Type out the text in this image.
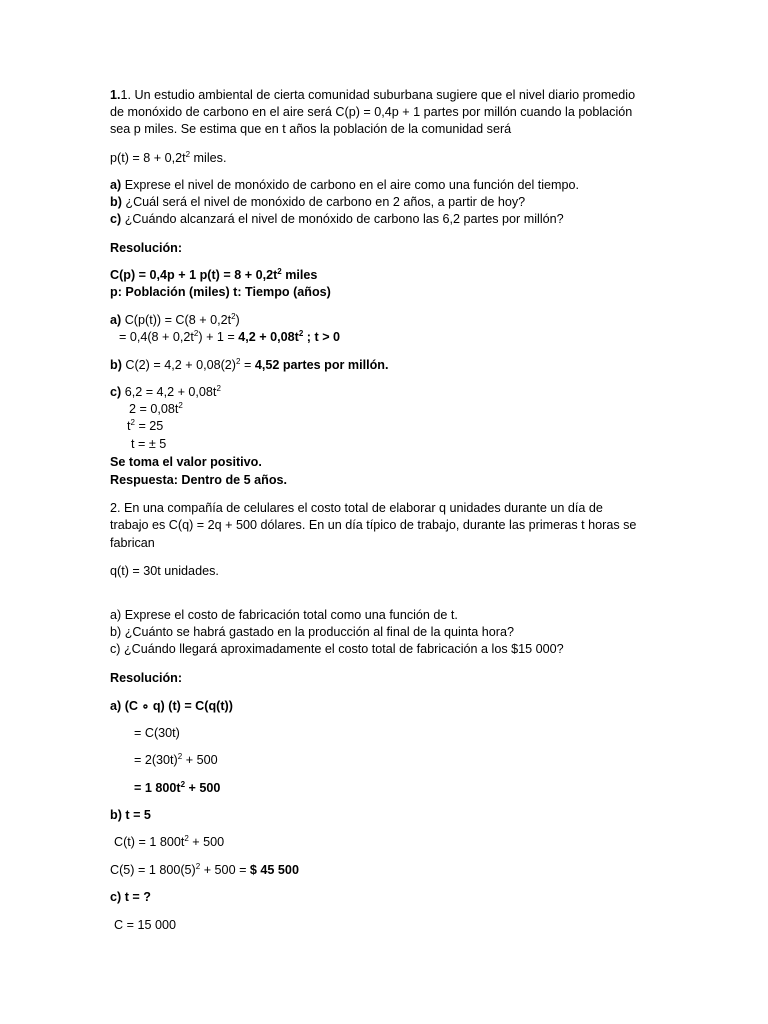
1.1. Un estudio ambiental de cierta comunidad suburbana sugiere que el nivel diario promedio
de monóxido de carbono en el aire será C(p) = 0,4p + 1 partes por millón cuando la población
sea p miles. Se estima que en t años la población de la comunidad será
$p(t) = 8 + 0,2t^2$ miles.
a) Exprese el nivel de monóxido de carbono en el aire como una función del tiempo.
b) ¿Cuál será el nivel de monóxido de carbono en 2 años, a partir de hoy?
c) ¿Cuándo alcanzará el nivel de monóxido de carbono las 6,2 partes por millón?
Resolución:
C(p) = 0,4p + 1 $p(t) = 8 + 0,2t^2$ miles
p: Población (miles) t: Tiempo (años)
a) $C(p(t)) = C(8 + 0,2t^2)$
= $0,4(8 + 0,2t^2) + 1 = 4,2 + 0,08t^2$ ; t > 0
b) $C(2) = 4,2 + 0,08(2)^2 = 4,52$ partes por millón.
c) $6,2 = 4,2 + 0,08t^2$
$2 = 0,08t^2$
$t^2 = 25$
t = ± 5
Se toma el valor positivo.
Respuesta: Dentro de 5 años.
2. En una compañía de celulares el costo total de elaborar q unidades durante un día de
trabajo es C(q) = 2q + 500 dólares. En un día típico de trabajo, durante las primeras t horas se
fabrican
q(t) = 30t unidades.
a) Exprese el costo de fabricación total como una función de t.
b) ¿Cuánto se habrá gastado en la producción al final de la quinta hora?
c) ¿Cuándo llegará aproximadamente el costo total de fabricación a los $15 000?
Resolución:
a) (C ∘ q) (t) = C(q(t))
= C(30t)
= $2(30t)^2 + 500$
= 1 $800t^2 + 500$
b) t = 5
C(t) = 1 $800t^2 + 500$
C(5) = 1 $800(5)^2 + 500$ = $ 45 500
c) t = ?
C = 15 000
